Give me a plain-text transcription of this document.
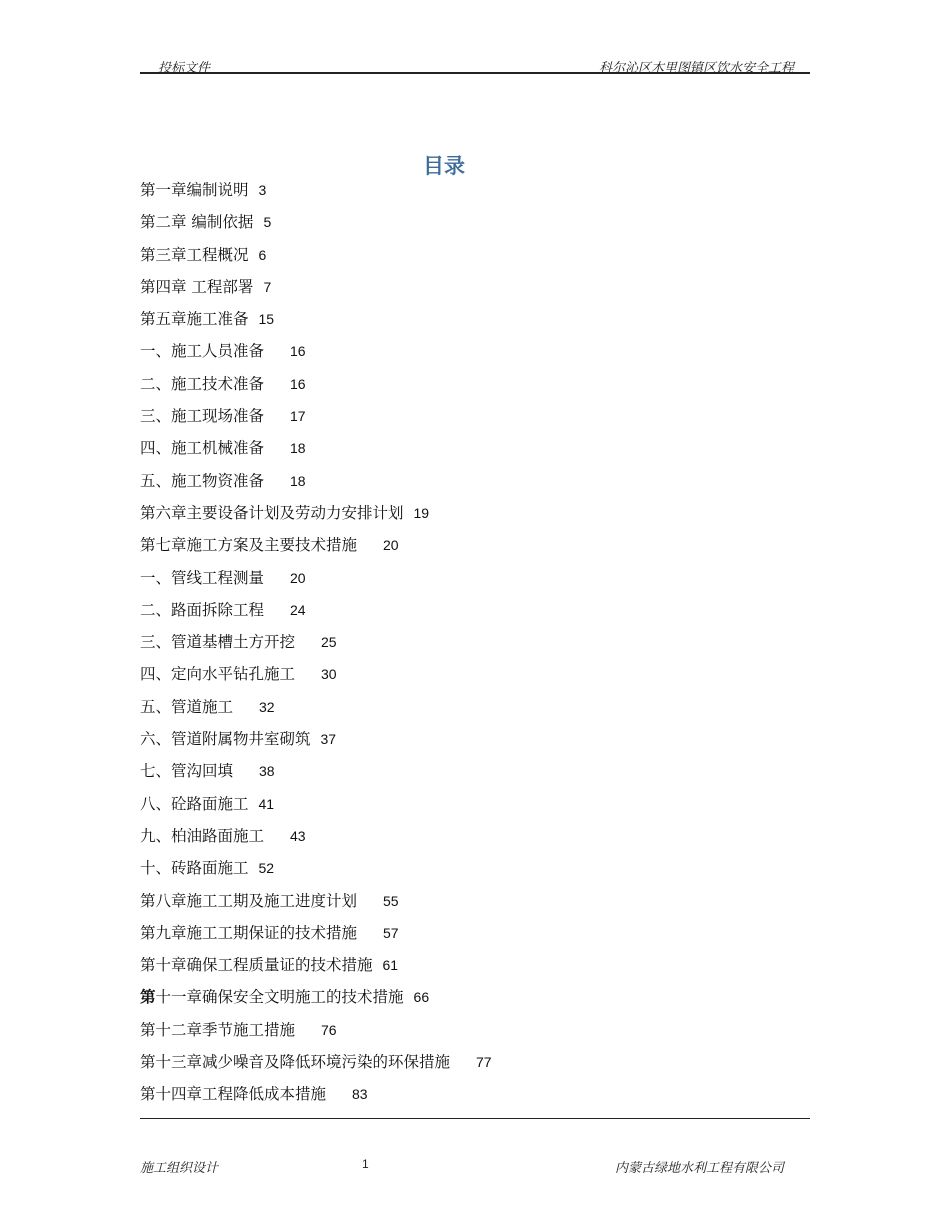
投标文件	科尔沁区木里图镇区饮水安全工程
目录
第一章编制说明 3
第二章 编制依据 5
第三章工程概况 6
第四章 工程部署 7
第五章施工准备 15
一、施工人员准备 16
二、施工技术准备 16
三、施工现场准备 17
四、施工机械准备 18
五、施工物资准备 18
第六章主要设备计划及劳动力安排计划 19
第七章施工方案及主要技术措施 20
一、管线工程测量 20
二、路面拆除工程 24
三、管道基槽土方开挖 25
四、定向水平钻孔施工 30
五、管道施工 32
六、管道附属物井室砌筑 37
七、管沟回填 38
八、砼路面施工 41
九、柏油路面施工 43
十、砖路面施工 52
第八章施工工期及施工进度计划 55
第九章施工工期保证的技术措施 57
第十章确保工程质量证的技术措施 61
第十一章确保安全文明施工的技术措施 66
第十二章季节施工措施 76
第十三章减少噪音及降低环境污染的环保措施 77
第十四章工程降低成本措施 83
施工组织设计	1	内蒙古绿地水利工程有限公司
